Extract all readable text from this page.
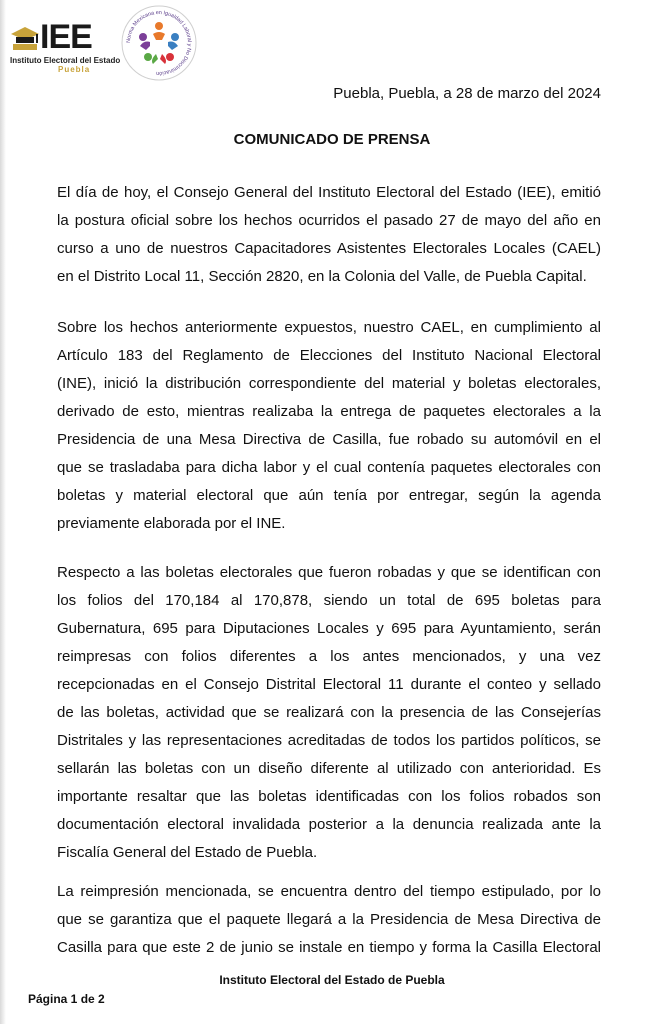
IEE
Instituto Electoral del Estado
Puebla
Norma Mexicana en Igualdad Laboral y No Discriminación
Puebla, Puebla, a 28 de marzo del 2024
COMUNICADO DE PRENSA

El día de hoy, el Consejo General del Instituto Electoral del Estado (IEE), emitió
la postura oficial sobre los hechos ocurridos el pasado 27 de mayo del año en
curso a uno de nuestros Capacitadores Asistentes Electorales Locales (CAEL)
en el Distrito Local 11, Sección 2820, en la Colonia del Valle, de Puebla Capital.

Sobre los hechos anteriormente expuestos, nuestro CAEL, en cumplimiento al
Artículo 183 del Reglamento de Elecciones del Instituto Nacional Electoral
(INE), inició la distribución correspondiente del material y boletas electorales,
derivado de esto, mientras realizaba la entrega de paquetes electorales a la
Presidencia de una Mesa Directiva de Casilla, fue robado su automóvil en el
que se trasladaba para dicha labor y el cual contenía paquetes electorales con
boletas y material electoral que aún tenía por entregar, según la agenda
previamente elaborada por el INE.

Respecto a las boletas electorales que fueron robadas y que se identifican con
los folios del 170,184 al 170,878, siendo un total de 695 boletas para
Gubernatura, 695 para Diputaciones Locales y 695 para Ayuntamiento, serán
reimpresas con folios diferentes a los antes mencionados, y una vez
recepcionadas en el Consejo Distrital Electoral 11 durante el conteo y sellado
de las boletas, actividad que se realizará con la presencia de las Consejerías
Distritales y las representaciones acreditadas de todos los partidos políticos, se
sellarán las boletas con un diseño diferente al utilizado con anterioridad. Es
importante resaltar que las boletas identificadas con los folios robados son
documentación electoral invalidada posterior a la denuncia realizada ante la
Fiscalía General del Estado de Puebla.

La reimpresión mencionada, se encuentra dentro del tiempo estipulado, por lo
que se garantiza que el paquete llegará a la Presidencia de Mesa Directiva de
Casilla para que este 2 de junio se instale en tiempo y forma la Casilla Electoral

Instituto Electoral del Estado de Puebla
Página 1 de 2
